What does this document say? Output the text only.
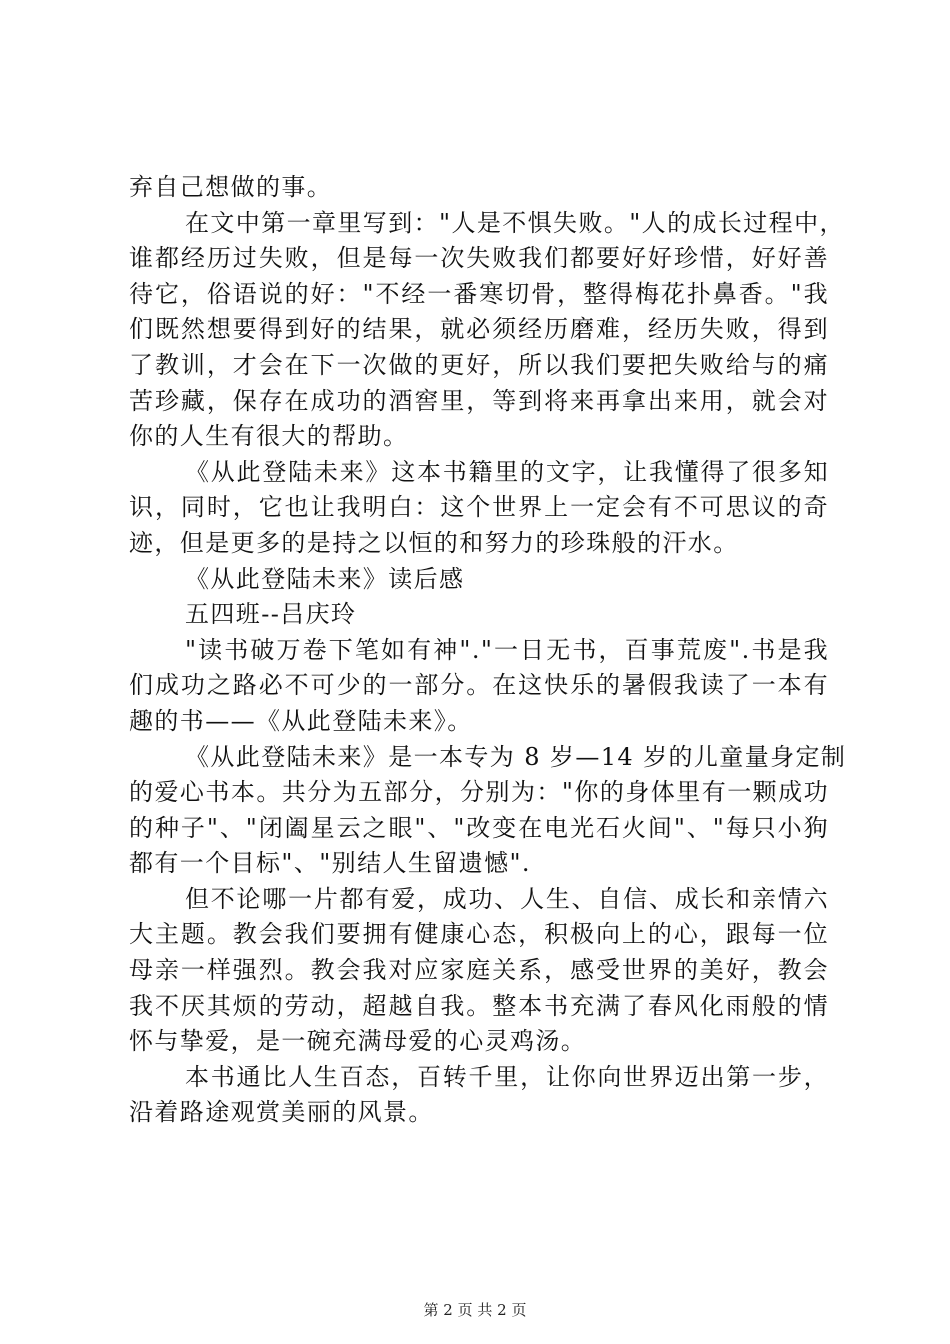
弃自己想做的事。
在文中第一章里写到："人是不惧失败。"人的成长过程中，
谁都经历过失败，但是每一次失败我们都要好好珍惜，好好善
待它，俗语说的好："不经一番寒切骨，整得梅花扑鼻香。"我
们既然想要得到好的结果，就必须经历磨难，经历失败，得到
了教训，才会在下一次做的更好，所以我们要把失败给与的痛
苦珍藏，保存在成功的酒窖里，等到将来再拿出来用，就会对
你的人生有很大的帮助。
《从此登陆未来》这本书籍里的文字，让我懂得了很多知
识，同时，它也让我明白：这个世界上一定会有不可思议的奇
迹，但是更多的是持之以恒的和努力的珍珠般的汗水。
《从此登陆未来》读后感
五四班--吕庆玲
"读书破万卷下笔如有神"."一日无书，百事荒废".书是我
们成功之路必不可少的一部分。在这快乐的暑假我读了一本有
趣的书——《从此登陆未来》。
《从此登陆未来》是一本专为 8 岁—14 岁的儿童量身定制
的爱心书本。共分为五部分，分别为："你的身体里有一颗成功
的种子"、"闭阖星云之眼"、"改变在电光石火间"、"每只小狗
都有一个目标"、"别结人生留遗憾".
但不论哪一片都有爱，成功、人生、自信、成长和亲情六
大主题。教会我们要拥有健康心态，积极向上的心，跟每一位
母亲一样强烈。教会我对应家庭关系，感受世界的美好，教会
我不厌其烦的劳动，超越自我。整本书充满了春风化雨般的情
怀与挚爱，是一碗充满母爱的心灵鸡汤。
本书通比人生百态，百转千里，让你向世界迈出第一步，
沿着路途观赏美丽的风景。
第 2 页 共 2 页
